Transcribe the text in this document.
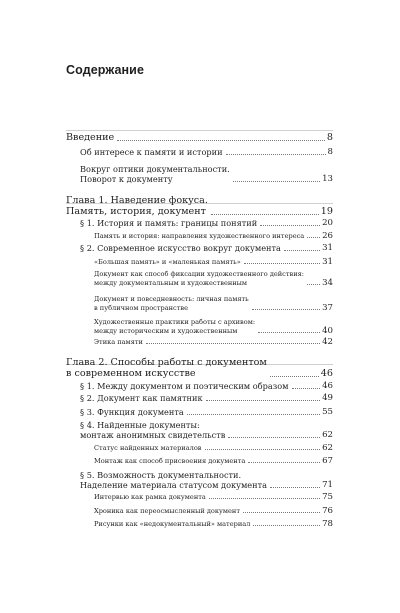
Содержание
Введение	8
Об интересе к памяти и истории	8
Вокруг оптики документальности.
Поворот к документу	13
Глава 1. Наведение фокуса.
Память, история, документ	19
§ 1. История и память: границы понятий	20
Память и история: направления художественного интереса 26
§ 2. Современное искусство вокруг документа	31
«Большая память» и «маленькая память»	31
Документ как способ фиксации художественного действия:
между документальным и художественным	34
Документ и повседневность: личная память
в публичном пространстве	37
Художественные практики работы с архивом:
между историческим и художественным	40
Этика памяти	42
Глава 2. Способы работы с документом
в современном искусстве	46
§ 1. Между документом и поэтическим образом	46
§ 2. Документ как памятник	49
§ 3. Функция документа	55
§ 4. Найденные документы:
монтаж анонимных свидетельств	62
Статус найденных материалов	62
Монтаж как способ присвоения документа	67
§ 5. Возможность документальности.
Наделение материала статусом документа	71
Интервью как рамка документа	75
Хроника как переосмысленный документ	76
Рисунки как «недокументальный» материал	78
